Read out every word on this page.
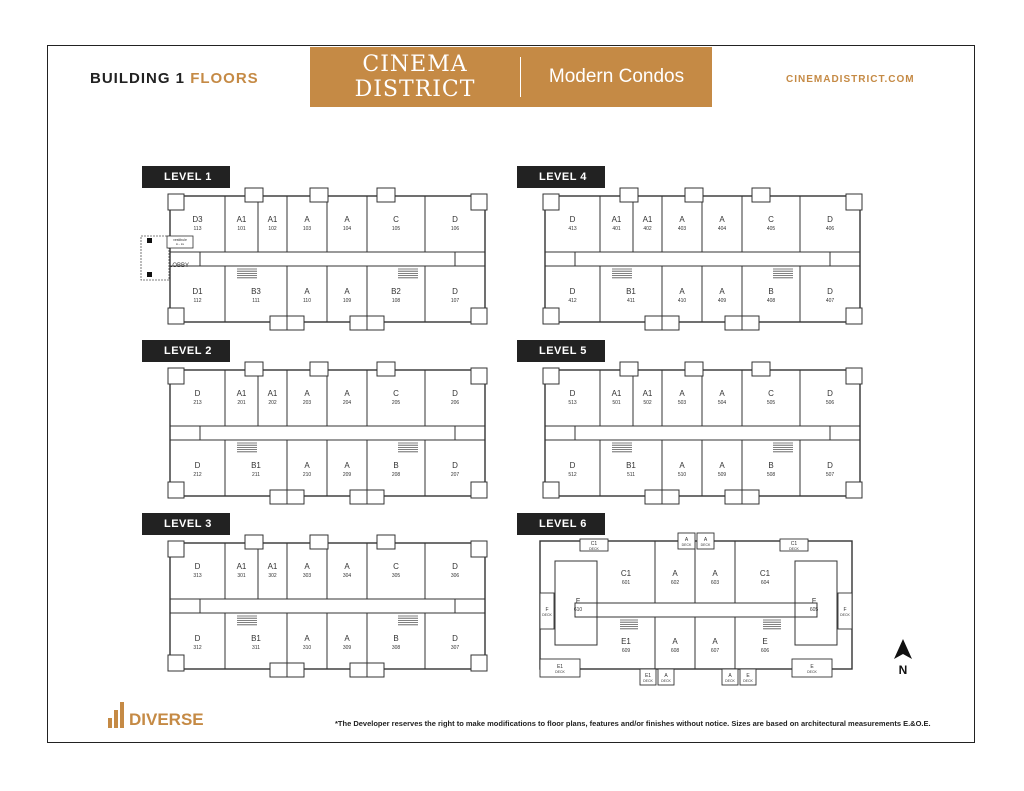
BUILDING 1 FLOORS
CINEMA DISTRICT
Modern Condos	CINEMADISTRICT.COM
LEVEL 1	LEVEL 4
LEVEL 2	LEVEL 5
LEVEL 3	LEVEL 6
D3
113
A1
101
A1
102
A
103
A
104
C
105
D
106
D1
112
B3
111
A
110
A
109
B2
108
D
107
LOBBY
vestibule
lo - ks
D
413
A1
401
A1
402
A
403
A
404
C
405
D
406
D
412
B1
411
A
410
A
409
B
408
D
407
D
213
A1
201
A1
202
A
203
A
204
C
205
D
206
D
212
B1
211
A
210
A
209
B
208
D
207
D
513
A1
501
A1
502
A
503
A
504
C
505
D
506
D
512
B1
511
A
510
A
509
B
508
D
507
D
313
A1
301
A1
302
A
303
A
304
C
305
D
306
D
312
B1
311
A
310
A
309
B
308
D
307
C1
601
A
602
A
603
C1
604
E1
609
A
608
A
607
E
606
F
610
F
605
C1
DECK
C1
DECK
A
DECK
A
DECK
F
DECK
F
DECK
E1
DECK
E
DECK
E1
DECK
A
DECK
A
DECK
E
DECK
N
DIVERSE	*The Developer reserves the right to make modifications to floor plans, features and/or finishes without notice. Sizes are based on architectural measurements E.&O.E.
